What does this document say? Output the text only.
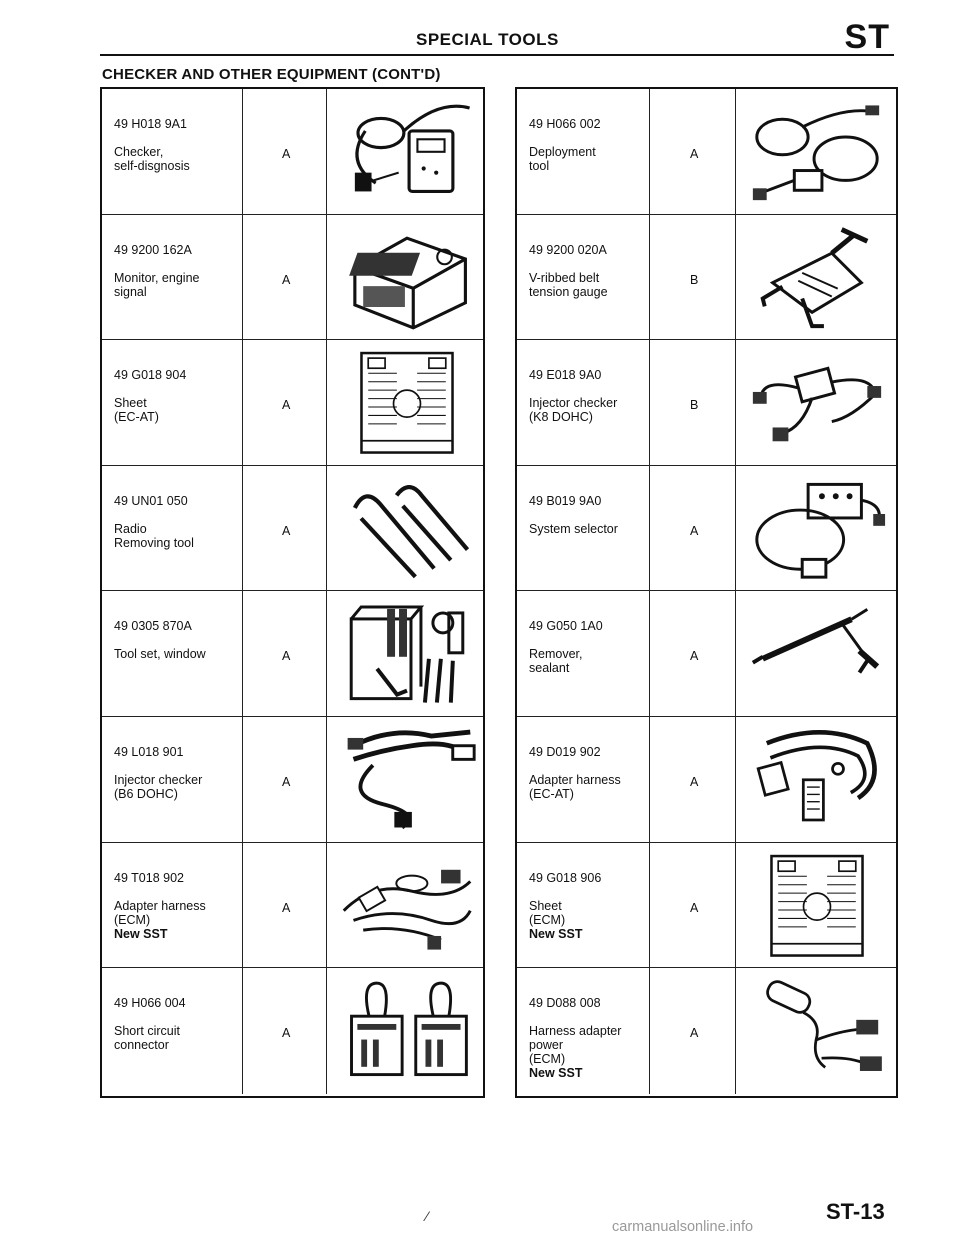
SPECIAL TOOLS	ST
CHECKER AND OTHER EQUIPMENT (CONT'D)
49 H018 9A1
Checker,
self-disgnosis
A
49 9200 162A
Monitor, engine
signal
A
49 G018 904
Sheet
(EC-AT)
A
49 UN01 050
Radio
Removing tool
A
49 0305 870A
Tool set, window	A
49 L018 901
Injector checker
(B6 DOHC)
A
49 T018 902
Adapter harness
(ECM)
New SST
A
49 H066 004
Short circuit
connector
A
49 H066 002
Deployment
tool
A
49 9200 020A
V-ribbed belt
tension gauge
B
49 E018 9A0
Injector checker
(K8 DOHC)
B
49 B019 9A0
System selector	A
49 G050 1A0
Remover,
sealant
A
49 D019 902
Adapter harness
(EC-AT)
A
49 G018 906
Sheet
(ECM)
New SST
A
49 D088 008
Harness adapter
power
(ECM)
New SST
A
ST-13
⁄
carmanualsonline.info
